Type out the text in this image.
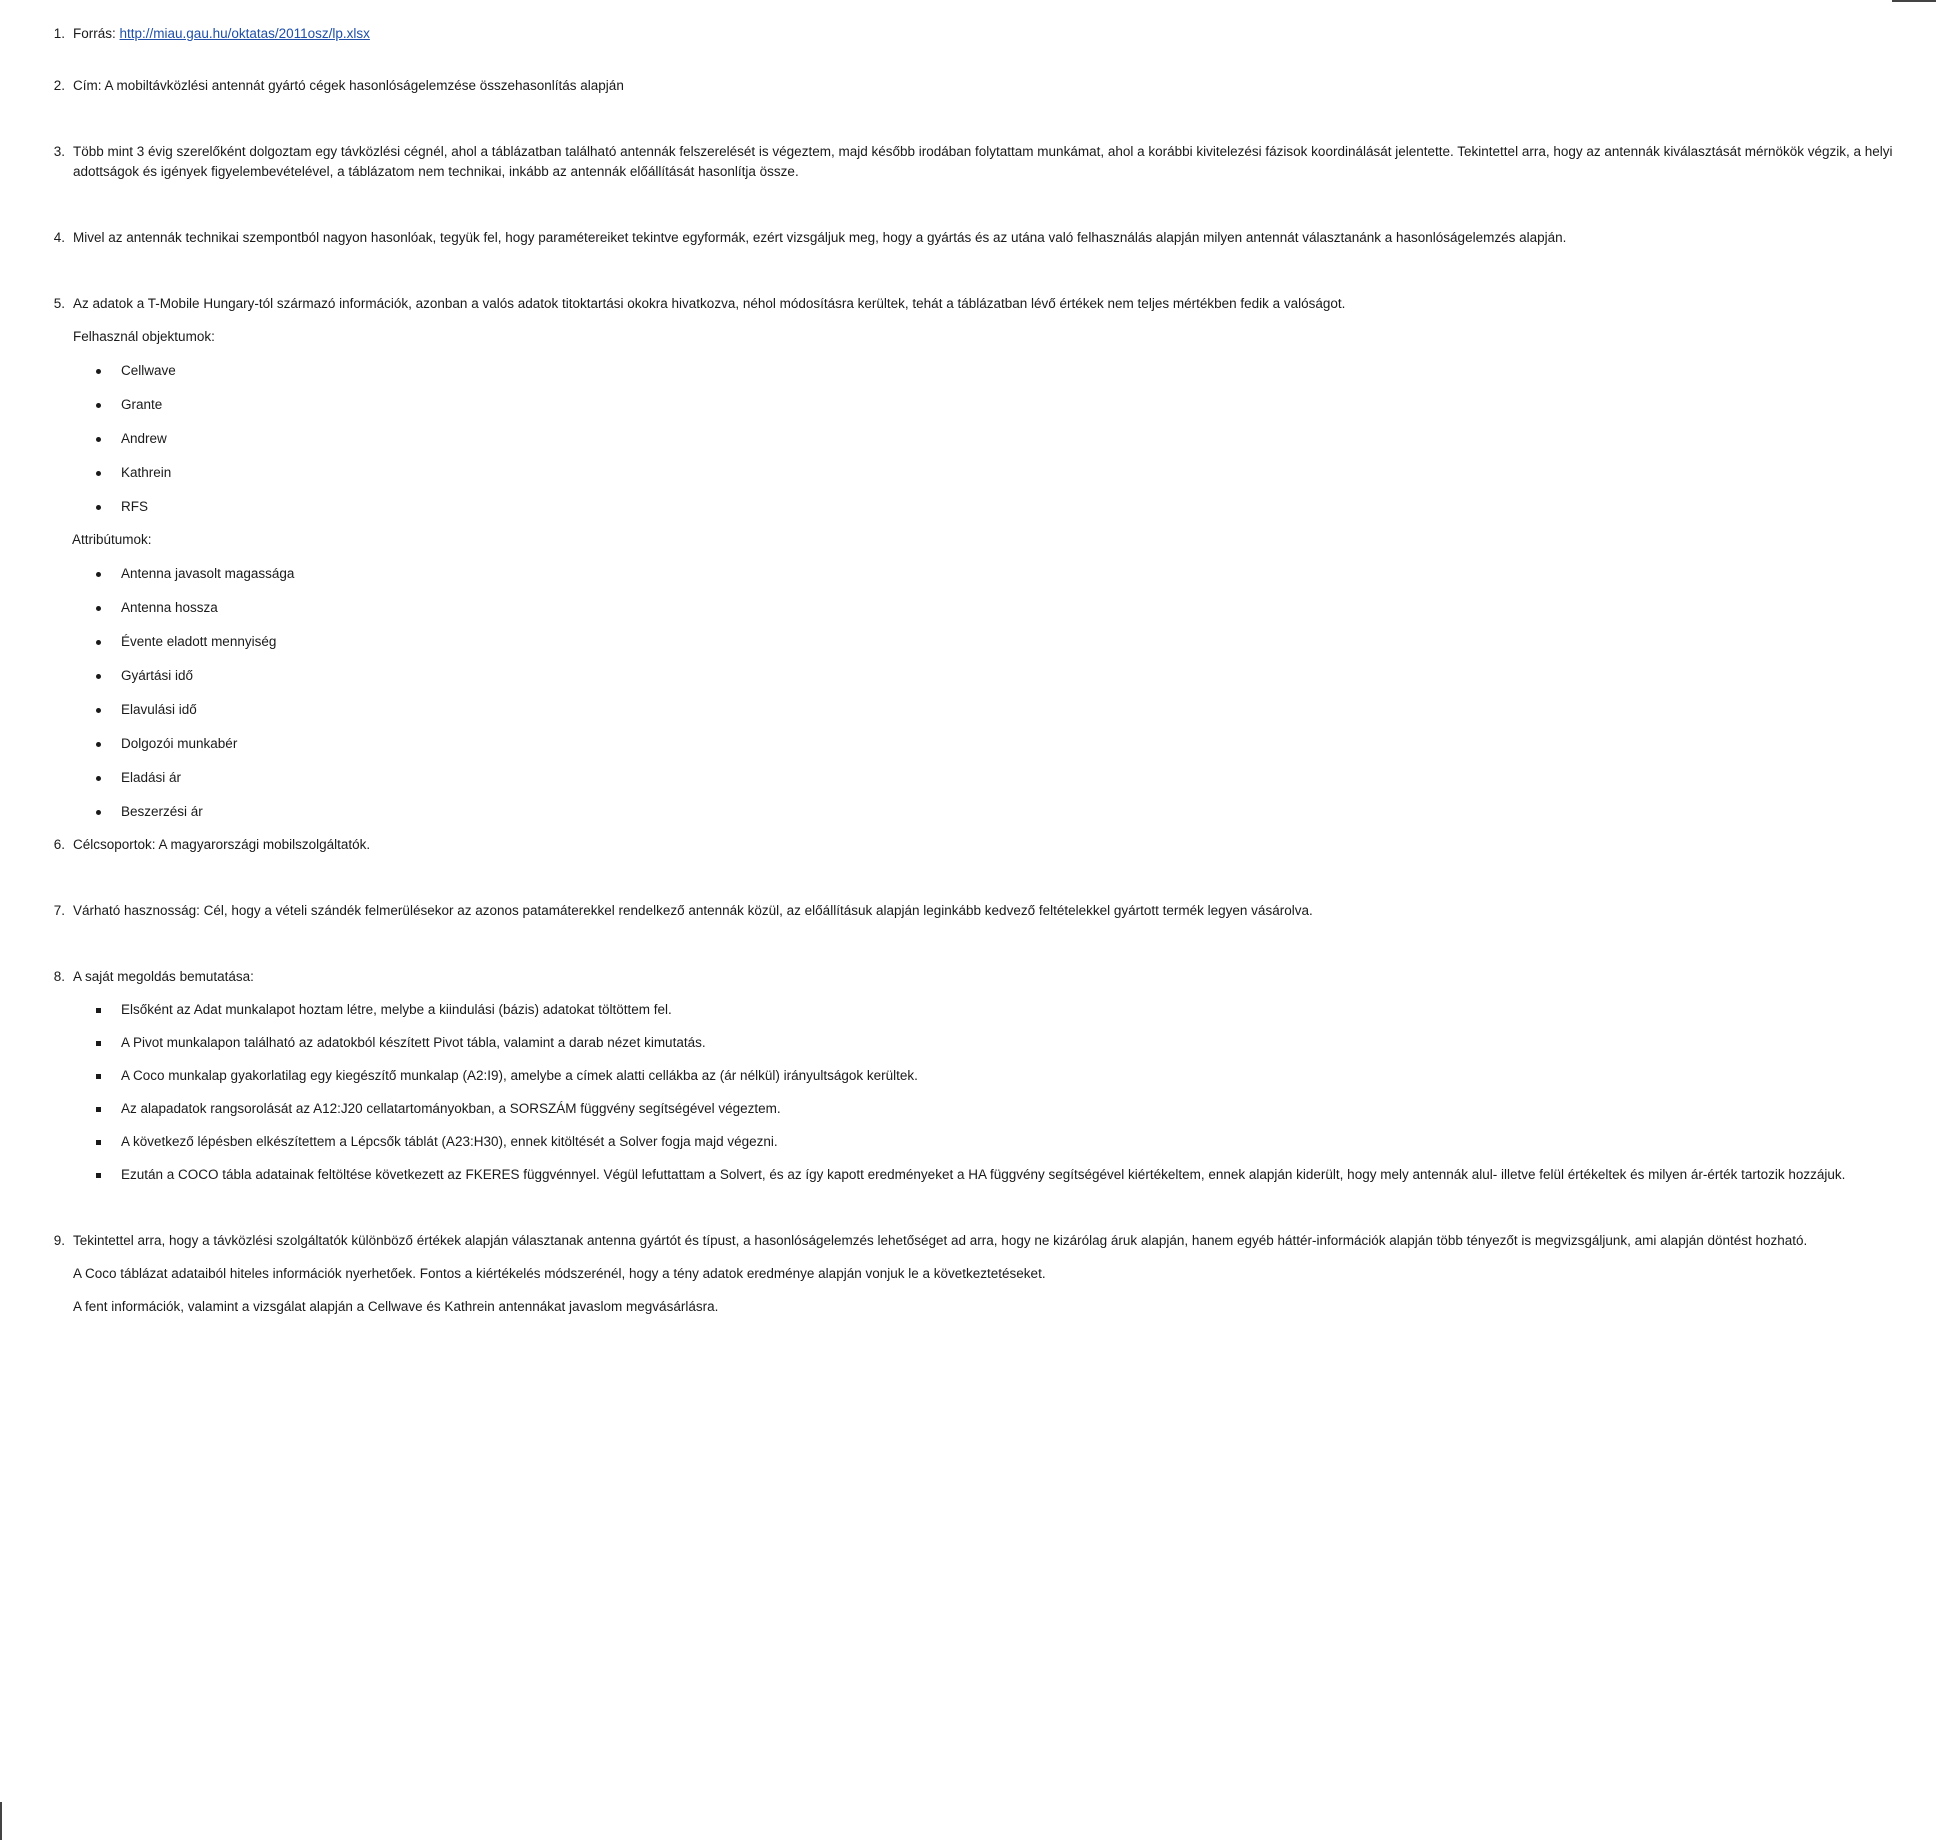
1. Forrás: http://miau.gau.hu/oktatas/2011osz/lp.xlsx
2. Cím: A mobiltávközlési antennát gyártó cégek hasonlóságelemzése összehasonlítás alapján
3. Több mint 3 évig szerelőként dolgoztam egy távközlési cégnél, ahol a táblázatban található antennák felszerelését is végeztem, majd később irodában folytattam munkámat, ahol a korábbi kivitelezési fázisok koordinálását jelentette. Tekintettel arra, hogy az antennák kiválasztását mérnökök végzik, a helyi adottságok és igények figyelembevételével, a táblázatom nem technikai, inkább az antennák előállítását hasonlítja össze.
4. Mivel az antennák technikai szempontból nagyon hasonlóak, tegyük fel, hogy paramétereiket tekintve egyformák, ezért vizsgáljuk meg, hogy a gyártás és az utána való felhasználás alapján milyen antennát választanánk a hasonlóságelemzés alapján.
5. Az adatok a T-Mobile Hungary-tól származó információk, azonban a valós adatok titoktartási okokra hivatkozva, néhol módosításra kerültek, tehát a táblázatban lévő értékek nem teljes mértékben fedik a valóságot.
Felhasznál objektumok:
Cellwave
Grante
Andrew
Kathrein
RFS
Attribútumok:
Antenna javasolt magassága
Antenna hossza
Évente eladott mennyiség
Gyártási idő
Elavulási idő
Dolgozói munkabér
Eladási ár
Beszerzési ár
6. Célcsoportok: A magyarországi mobilszolgáltatók.
7. Várható hasznosság: Cél, hogy a vételi szándék felmerülésekor az azonos patamáterekkel rendelkező antennák közül, az előállításuk alapján leginkább kedvező feltételekkel gyártott termék legyen vásárolva.
8. A saját megoldás bemutatása:
Elsőként az Adat munkalapot hoztam létre, melybe a kiindulási (bázis) adatokat töltöttem fel.
A Pivot munkalapon található az adatokból készített Pivot tábla, valamint a darab nézet kimutatás.
A Coco munkalap gyakorlatilag egy kiegészítő munkalap (A2:I9), amelybe a címek alatti cellákba az (ár nélkül) irányultságok kerültek.
Az alapadatok rangsorolását az A12:J20 cellatartományokban, a SORSZÁM függvény segítségével végeztem.
A következő lépésben elkészítettem a Lépcsők táblát (A23:H30), ennek kitöltését a Solver fogja majd végezni.
Ezután a COCO tábla adatainak feltöltése következett az FKERES függvénnyel. Végül lefuttattam a Solvert, és az így kapott eredményeket a HA függvény segítségével kiértékeltem, ennek alapján kiderült, hogy mely antennák alul- illetve felül értékeltek és milyen ár-érték tartozik hozzájuk.
9. Tekintettel arra, hogy a távközlési szolgáltatók különböző értékek alapján választanak antenna gyártót és típust, a hasonlóságelemzés lehetőséget ad arra, hogy ne kizárólag áruk alapján, hanem egyéb háttér-információk alapján több tényezőt is megvizsgáljunk, ami alapján döntést hozható.
A Coco táblázat adataiból hiteles információk nyerhetőek. Fontos a kiértékelés módszerénél, hogy a tény adatok eredménye alapján vonjuk le a következtetéseket.
A fent információk, valamint a vizsgálat alapján a Cellwave és Kathrein antennákat javaslom megvásárlásra.
